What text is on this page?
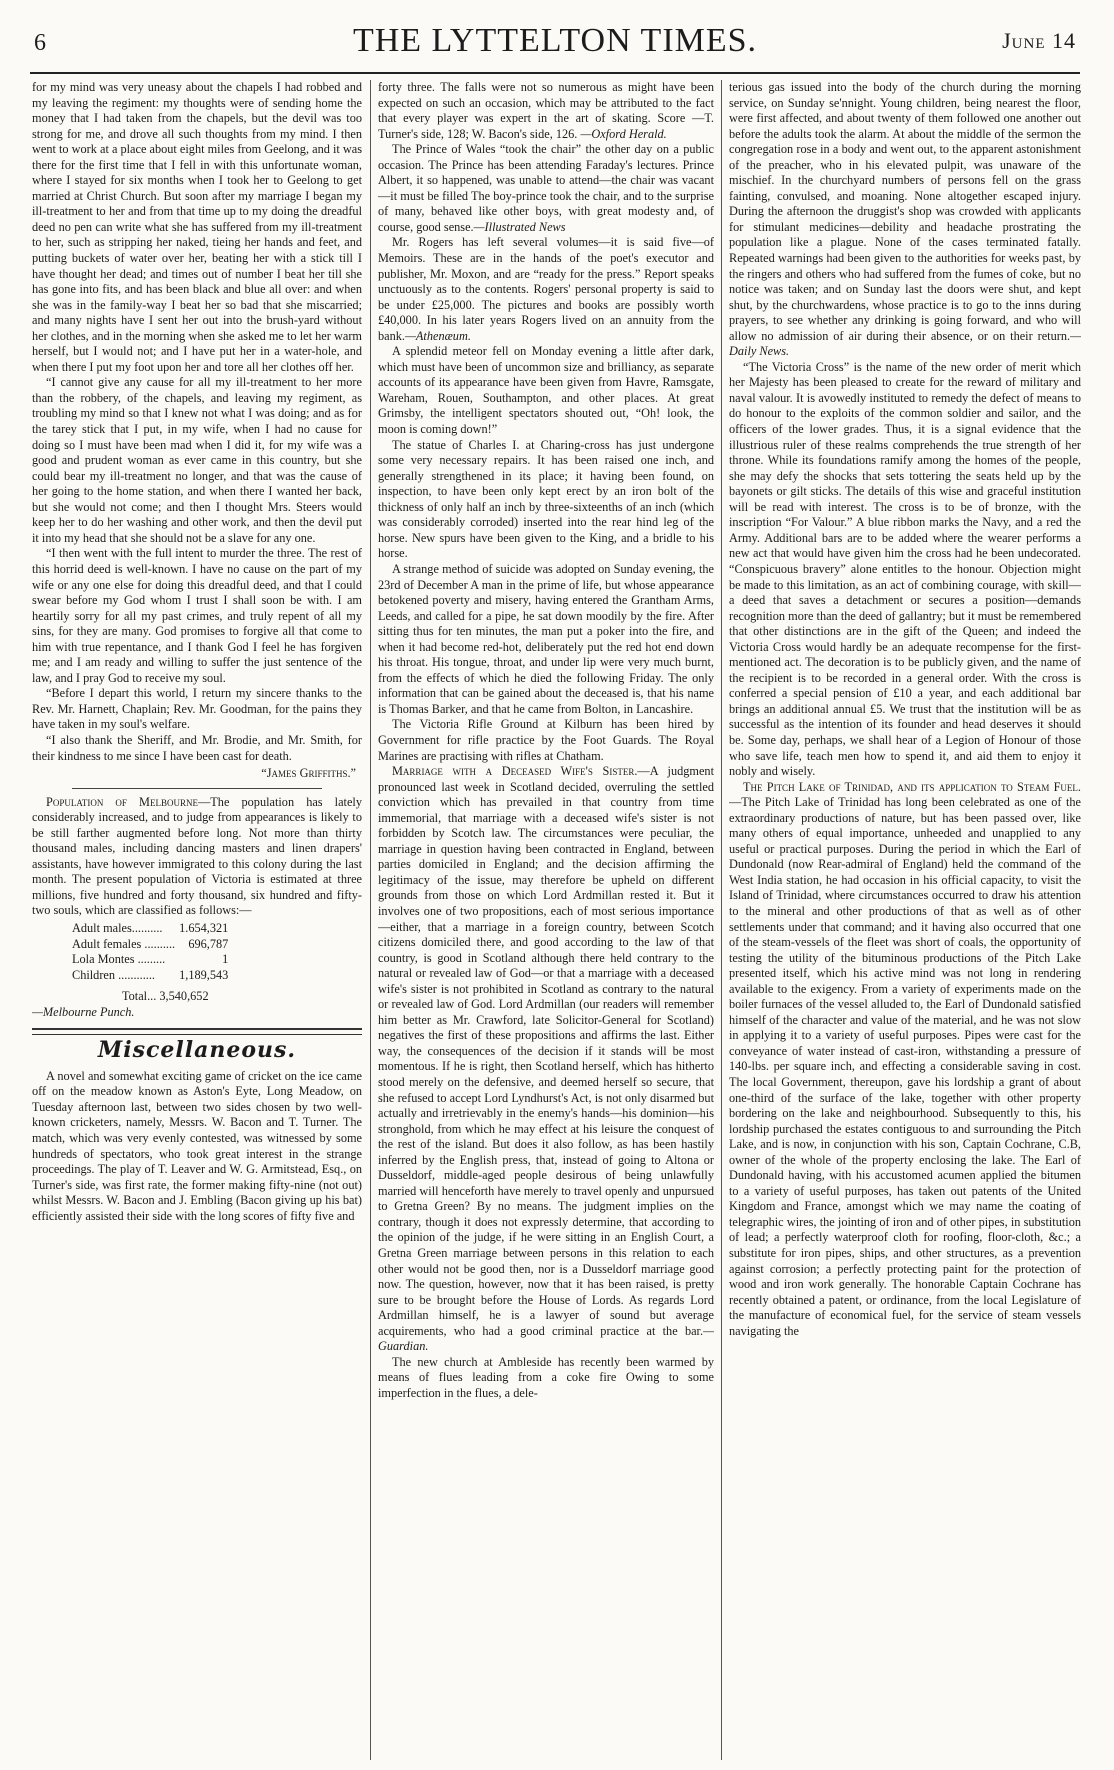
6	THE LYTTELTON TIMES.	June 14

for my mind was very uneasy about the chapels I had robbed and my leaving the regiment: my thoughts were of sending home the money that I had taken from the chapels, but the devil was too strong for me, and drove all such thoughts from my mind. I then went to work at a place about eight miles from Geelong, and it was there for the first time that I fell in with this unfortunate woman, where I stayed for six months when I took her to Geelong to get married at Christ Church. But soon after my marriage I began my ill-treatment to her and from that time up to my doing the dreadful deed no pen can write what she has suffered from my ill-treatment to her, such as stripping her naked, tieing her hands and feet, and putting buckets of water over her, beating her with a stick till I have thought her dead; and times out of number I beat her till she has gone into fits, and has been black and blue all over: and when she was in the family-way I beat her so bad that she miscarried; and many nights have I sent her out into the brush-yard without her clothes, and in the morning when she asked me to let her warm herself, but I would not; and I have put her in a water-hole, and when there I put my foot upon her and tore all her clothes off her.

“I cannot give any cause for all my ill-treatment to her more than the robbery, of the chapels, and leaving my regiment, as troubling my mind so that I knew not what I was doing; and as for the tarey stick that I put, in my wife, when I had no cause for doing so I must have been mad when I did it, for my wife was a good and prudent woman as ever came in this country, but she could bear my ill-treatment no longer, and that was the cause of her going to the home station, and when there I wanted her back, but she would not come; and then I thought Mrs. Steers would keep her to do her washing and other work, and then the devil put it into my head that she should not be a slave for any one.

“I then went with the full intent to murder the three. The rest of this horrid deed is well-known. I have no cause on the part of my wife or any one else for doing this dreadful deed, and that I could swear before my God whom I trust I shall soon be with. I am heartily sorry for all my past crimes, and truly repent of all my sins, for they are many. God promises to forgive all that come to him with true repentance, and I thank God I feel he has forgiven me; and I am ready and willing to suffer the just sentence of the law, and I pray God to receive my soul.

“Before I depart this world, I return my sincere thanks to the Rev. Mr. Harnett, Chaplain; Rev. Mr. Goodman, for the pains they have taken in my soul's welfare.

“I also thank the Sheriff, and Mr. Brodie, and Mr. Smith, for their kindness to me since I have been cast for death.

“James Griffiths.”

Population of Melbourne—The population has lately considerably increased, and to judge from appearances is likely to be still farther augmented before long. Not more than thirty thousand males, including dancing masters and linen drapers' assistants, have however immigrated to this colony during the last month. The present population of Victoria is estimated at three millions, five hundred and forty thousand, six hundred and fifty-two souls, which are classified as follows:—

Adult males..........	1.654,321
Adult females ..........	696,787
Lola Montes .........	1
Children ............	1,189,543
Total... 3,540,652

—Melbourne Punch.

Miscellaneous.

A novel and somewhat exciting game of cricket on the ice came off on the meadow known as Aston's Eyte, Long Meadow, on Tuesday afternoon last, between two sides chosen by two well-known cricketers, namely, Messrs. W. Bacon and T. Turner. The match, which was very evenly contested, was witnessed by some hundreds of spectators, who took great interest in the strange proceedings. The play of T. Leaver and W. G. Armitstead, Esq., on Turner's side, was first rate, the former making fifty-nine (not out) whilst Messrs. W. Bacon and J. Embling (Bacon giving up his bat) efficiently assisted their side with the long scores of fifty five and

forty three. The falls were not so numerous as might have been expected on such an occasion, which may be attributed to the fact that every player was expert in the art of skating. Score —T. Turner's side, 128; W. Bacon's side, 126. —Oxford Herald.

The Prince of Wales “took the chair” the other day on a public occasion. The Prince has been attending Faraday's lectures. Prince Albert, it so happened, was unable to attend—the chair was vacant—it must be filled The boy-prince took the chair, and to the surprise of many, behaved like other boys, with great modesty and, of course, good sense.—Illustrated News

Mr. Rogers has left several volumes—it is said five—of Memoirs. These are in the hands of the poet's executor and publisher, Mr. Moxon, and are “ready for the press.” Report speaks unctuously as to the contents. Rogers' personal property is said to be under £25,000. The pictures and books are possibly worth £40,000. In his later years Rogers lived on an annuity from the bank.—Athenæum.

A splendid meteor fell on Monday evening a little after dark, which must have been of uncommon size and brilliancy, as separate accounts of its appearance have been given from Havre, Ramsgate, Wareham, Rouen, Southampton, and other places. At great Grimsby, the intelligent spectators shouted out, “Oh! look, the moon is coming down!”

The statue of Charles I. at Charing-cross has just undergone some very necessary repairs. It has been raised one inch, and generally strengthened in its place; it having been found, on inspection, to have been only kept erect by an iron bolt of the thickness of only half an inch by three-sixteenths of an inch (which was considerably corroded) inserted into the rear hind leg of the horse. New spurs have been given to the King, and a bridle to his horse.

A strange method of suicide was adopted on Sunday evening, the 23rd of December A man in the prime of life, but whose appearance betokened poverty and misery, having entered the Grantham Arms, Leeds, and called for a pipe, he sat down moodily by the fire. After sitting thus for ten minutes, the man put a poker into the fire, and when it had become red-hot, deliberately put the red hot end down his throat. His tongue, throat, and under lip were very much burnt, from the effects of which he died the following Friday. The only information that can be gained about the deceased is, that his name is Thomas Barker, and that he came from Bolton, in Lancashire.

The Victoria Rifle Ground at Kilburn has been hired by Government for rifle practice by the Foot Guards. The Royal Marines are practising with rifles at Chatham.

Marriage with a Deceased Wife's Sister.—A judgment pronounced last week in Scotland decided, overruling the settled conviction which has prevailed in that country from time immemorial, that marriage with a deceased wife's sister is not forbidden by Scotch law. The circumstances were peculiar, the marriage in question having been contracted in England, between parties domiciled in England; and the decision affirming the legitimacy of the issue, may therefore be upheld on different grounds from those on which Lord Ardmillan rested it. But it involves one of two propositions, each of most serious importance—either, that a marriage in a foreign country, between Scotch citizens domiciled there, and good according to the law of that country, is good in Scotland although there held contrary to the natural or revealed law of God—or that a marriage with a deceased wife's sister is not prohibited in Scotland as contrary to the natural or revealed law of God. Lord Ardmillan (our readers will remember him better as Mr. Crawford, late Solicitor-General for Scotland) negatives the first of these propositions and affirms the last. Either way, the consequences of the decision if it stands will be most momentous. If he is right, then Scotland herself, which has hitherto stood merely on the defensive, and deemed herself so secure, that she refused to accept Lord Lyndhurst's Act, is not only disarmed but actually and irretrievably in the enemy's hands—his dominion—his stronghold, from which he may effect at his leisure the conquest of the rest of the island. But does it also follow, as has been hastily inferred by the English press, that, instead of going to Altona or Dusseldorf, middle-aged people desirous of being unlawfully married will henceforth have merely to travel openly and unpursued to Gretna Green? By no means. The judgment implies on the contrary, though it does not expressly determine, that according to the opinion of the judge, if he were sitting in an English Court, a Gretna Green marriage between persons in this relation to each other would not be good then, nor is a Dusseldorf marriage good now. The question, however, now that it has been raised, is pretty sure to be brought before the House of Lords. As regards Lord Ardmillan himself, he is a lawyer of sound but average acquirements, who had a good criminal practice at the bar.—Guardian.

The new church at Ambleside has recently been warmed by means of flues leading from a coke fire Owing to some imperfection in the flues, a dele-

terious gas issued into the body of the church during the morning service, on Sunday se'nnight. Young children, being nearest the floor, were first affected, and about twenty of them followed one another out before the adults took the alarm. At about the middle of the sermon the congregation rose in a body and went out, to the apparent astonishment of the preacher, who in his elevated pulpit, was unaware of the mischief. In the churchyard numbers of persons fell on the grass fainting, convulsed, and moaning. None altogether escaped injury. During the afternoon the druggist's shop was crowded with applicants for stimulant medicines—debility and headache prostrating the population like a plague. None of the cases terminated fatally. Repeated warnings had been given to the authorities for weeks past, by the ringers and others who had suffered from the fumes of coke, but no notice was taken; and on Sunday last the doors were shut, and kept shut, by the churchwardens, whose practice is to go to the inns during prayers, to see whether any drinking is going forward, and who will allow no admission of air during their absence, or on their return.—Daily News.

“The Victoria Cross” is the name of the new order of merit which her Majesty has been pleased to create for the reward of military and naval valour. It is avowedly instituted to remedy the defect of means to do honour to the exploits of the common soldier and sailor, and the officers of the lower grades. Thus, it is a signal evidence that the illustrious ruler of these realms comprehends the true strength of her throne. While its foundations ramify among the homes of the people, she may defy the shocks that sets tottering the seats held up by the bayonets or gilt sticks. The details of this wise and graceful institution will be read with interest. The cross is to be of bronze, with the inscription “For Valour.” A blue ribbon marks the Navy, and a red the Army. Additional bars are to be added where the wearer performs a new act that would have given him the cross had he been undecorated. “Conspicuous bravery” alone entitles to the honour. Objection might be made to this limitation, as an act of combining courage, with skill—a deed that saves a detachment or secures a position—demands recognition more than the deed of gallantry; but it must be remembered that other distinctions are in the gift of the Queen; and indeed the Victoria Cross would hardly be an adequate recompense for the first-mentioned act. The decoration is to be publicly given, and the name of the recipient is to be recorded in a general order. With the cross is conferred a special pension of £10 a year, and each additional bar brings an additional annual £5. We trust that the institution will be as successful as the intention of its founder and head deserves it should be. Some day, perhaps, we shall hear of a Legion of Honour of those who save life, teach men how to spend it, and aid them to enjoy it nobly and wisely.

The Pitch Lake of Trinidad, and its application to Steam Fuel.—The Pitch Lake of Trinidad has long been celebrated as one of the extraordinary productions of nature, but has been passed over, like many others of equal importance, unheeded and unapplied to any useful or practical purposes. During the period in which the Earl of Dundonald (now Rear-admiral of England) held the command of the West India station, he had occasion in his official capacity, to visit the Island of Trinidad, where circumstances occurred to draw his attention to the mineral and other productions of that as well as of other settlements under that command; and it having also occurred that one of the steam-vessels of the fleet was short of coals, the opportunity of testing the utility of the bituminous productions of the Pitch Lake presented itself, which his active mind was not long in rendering available to the exigency. From a variety of experiments made on the boiler furnaces of the vessel alluded to, the Earl of Dundonald satisfied himself of the character and value of the material, and he was not slow in applying it to a variety of useful purposes. Pipes were cast for the conveyance of water instead of cast-iron, withstanding a pressure of 140-lbs. per square inch, and effecting a considerable saving in cost. The local Government, thereupon, gave his lordship a grant of about one-third of the surface of the lake, together with other property bordering on the lake and neighbourhood. Subsequently to this, his lordship purchased the estates contiguous to and surrounding the Pitch Lake, and is now, in conjunction with his son, Captain Cochrane, C.B, owner of the whole of the property enclosing the lake. The Earl of Dundonald having, with his accustomed acumen applied the bitumen to a variety of useful purposes, has taken out patents of the United Kingdom and France, amongst which we may name the coating of telegraphic wires, the jointing of iron and of other pipes, in substitution of lead; a perfectly waterproof cloth for roofing, floor-cloth, &c.; a substitute for iron pipes, ships, and other structures, as a prevention against corrosion; a perfectly protecting paint for the protection of wood and iron work generally. The honorable Captain Cochrane has recently obtained a patent, or ordinance, from the local Legislature of the manufacture of economical fuel, for the service of steam vessels navigating the
